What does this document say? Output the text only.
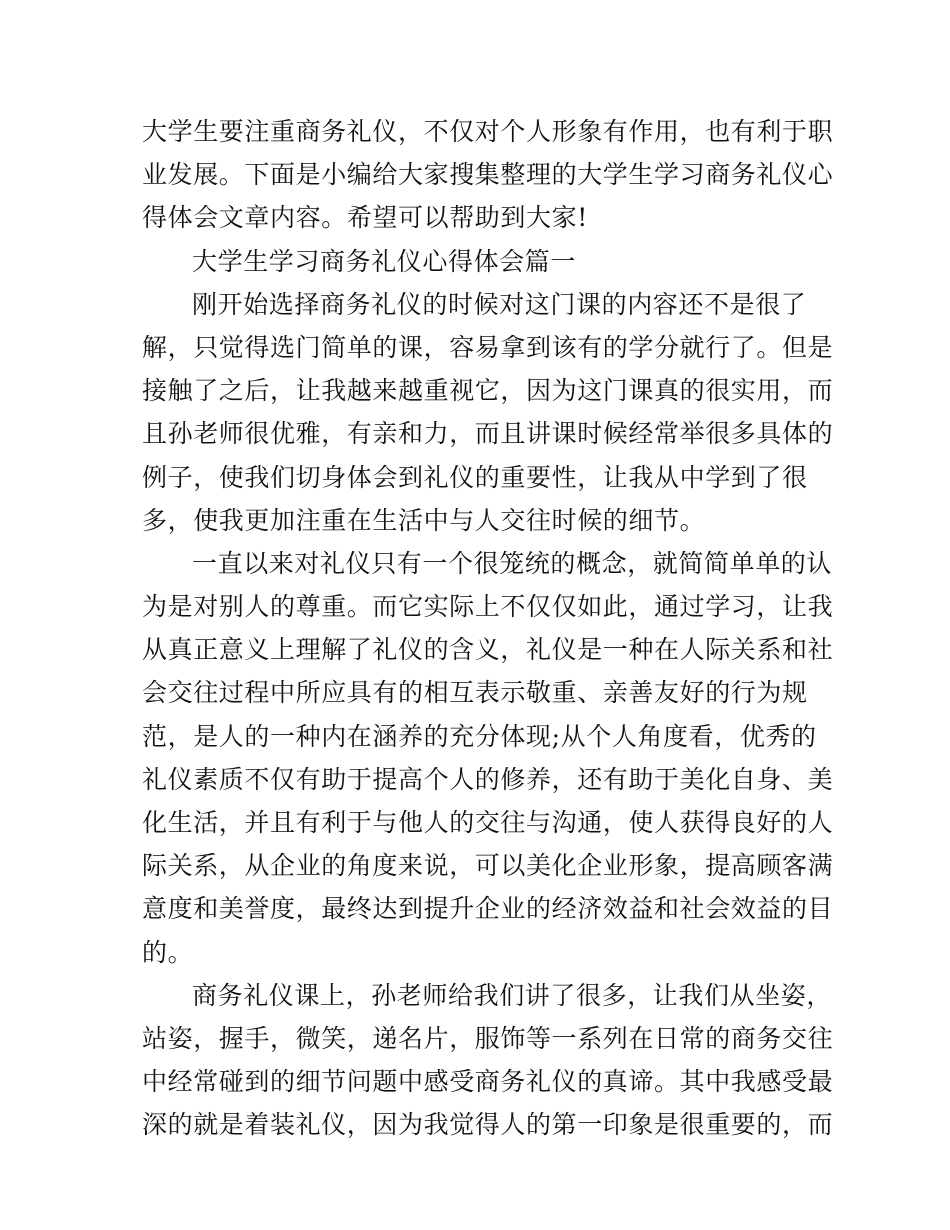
大学生要注重商务礼仪，不仅对个人形象有作用，也有利于职
业发展。下面是小编给大家搜集整理的大学生学习商务礼仪心
得体会文章内容。希望可以帮助到大家!
大学生学习商务礼仪心得体会篇一
刚开始选择商务礼仪的时候对这门课的内容还不是很了
解，只觉得选门简单的课，容易拿到该有的学分就行了。但是
接触了之后，让我越来越重视它，因为这门课真的很实用，而
且孙老师很优雅，有亲和力，而且讲课时候经常举很多具体的
例子，使我们切身体会到礼仪的重要性，让我从中学到了很
多，使我更加注重在生活中与人交往时候的细节。
一直以来对礼仪只有一个很笼统的概念，就简简单单的认
为是对别人的尊重。而它实际上不仅仅如此，通过学习，让我
从真正意义上理解了礼仪的含义，礼仪是一种在人际关系和社
会交往过程中所应具有的相互表示敬重、亲善友好的行为规
范，是人的一种内在涵养的充分体现;从个人角度看，优秀的
礼仪素质不仅有助于提高个人的修养，还有助于美化自身、美
化生活，并且有利于与他人的交往与沟通，使人获得良好的人
际关系，从企业的角度来说，可以美化企业形象，提高顾客满
意度和美誉度，最终达到提升企业的经济效益和社会效益的目
的。
商务礼仪课上，孙老师给我们讲了很多，让我们从坐姿，
站姿，握手，微笑，递名片，服饰等一系列在日常的商务交往
中经常碰到的细节问题中感受商务礼仪的真谛。其中我感受最
深的就是着装礼仪，因为我觉得人的第一印象是很重要的，而
